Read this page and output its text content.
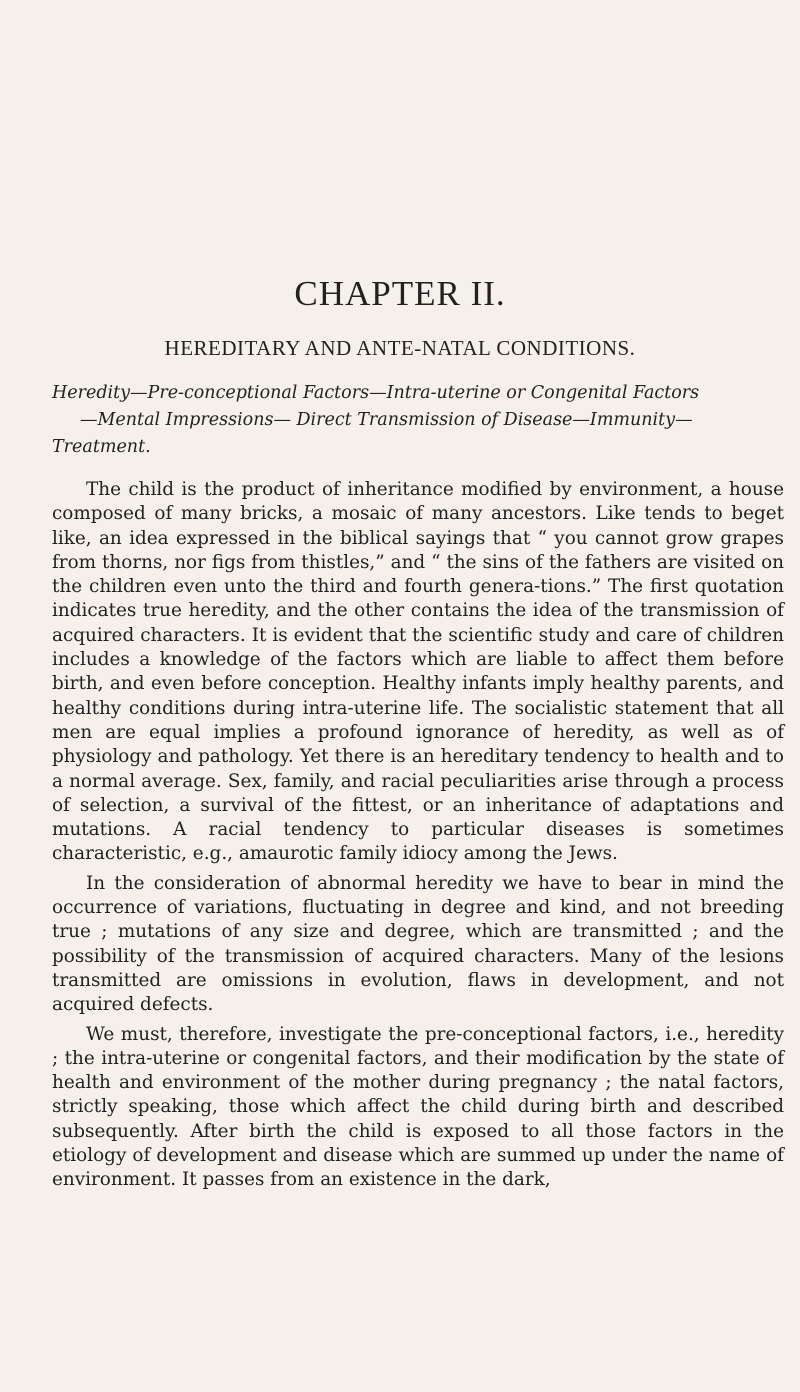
CHAPTER II.
HEREDITARY AND ANTE-NATAL CONDITIONS.

Heredity—Pre-conceptional Factors—Intra-uterine or Congenital Factors
—Mental Impressions— Direct Transmission of Disease—Immunity—
Treatment.

The child is the product of inheritance modified by environment, a house composed of many bricks, a mosaic of many ancestors. Like tends to beget like, an idea expressed in the biblical sayings that “ you cannot grow grapes from thorns, nor figs from thistles,” and “ the sins of the fathers are visited on the children even unto the third and fourth genera-tions.” The first quotation indicates true heredity, and the other contains the idea of the transmission of acquired characters. It is evident that the scientific study and care of children includes a knowledge of the factors which are liable to affect them before birth, and even before conception. Healthy infants imply healthy parents, and healthy conditions during intra-uterine life. The socialistic statement that all men are equal implies a profound ignorance of heredity, as well as of physiology and pathology. Yet there is an hereditary tendency to health and to a normal average. Sex, family, and racial peculiarities arise through a process of selection, a survival of the fittest, or an inheritance of adaptations and mutations. A racial tendency to particular diseases is sometimes characteristic, e.g., amaurotic family idiocy among the Jews.

In the consideration of abnormal heredity we have to bear in mind the occurrence of variations, fluctuating in degree and kind, and not breeding true ; mutations of any size and degree, which are transmitted ; and the possibility of the transmission of acquired characters. Many of the lesions transmitted are omissions in evolution, flaws in development, and not acquired defects.

We must, therefore, investigate the pre-conceptional factors, i.e., heredity ; the intra-uterine or congenital factors, and their modification by the state of health and environment of the mother during pregnancy ; the natal factors, strictly speaking, those which affect the child during birth and described subsequently. After birth the child is exposed to all those factors in the etiology of development and disease which are summed up under the name of environment. It passes from an existence in the dark,
